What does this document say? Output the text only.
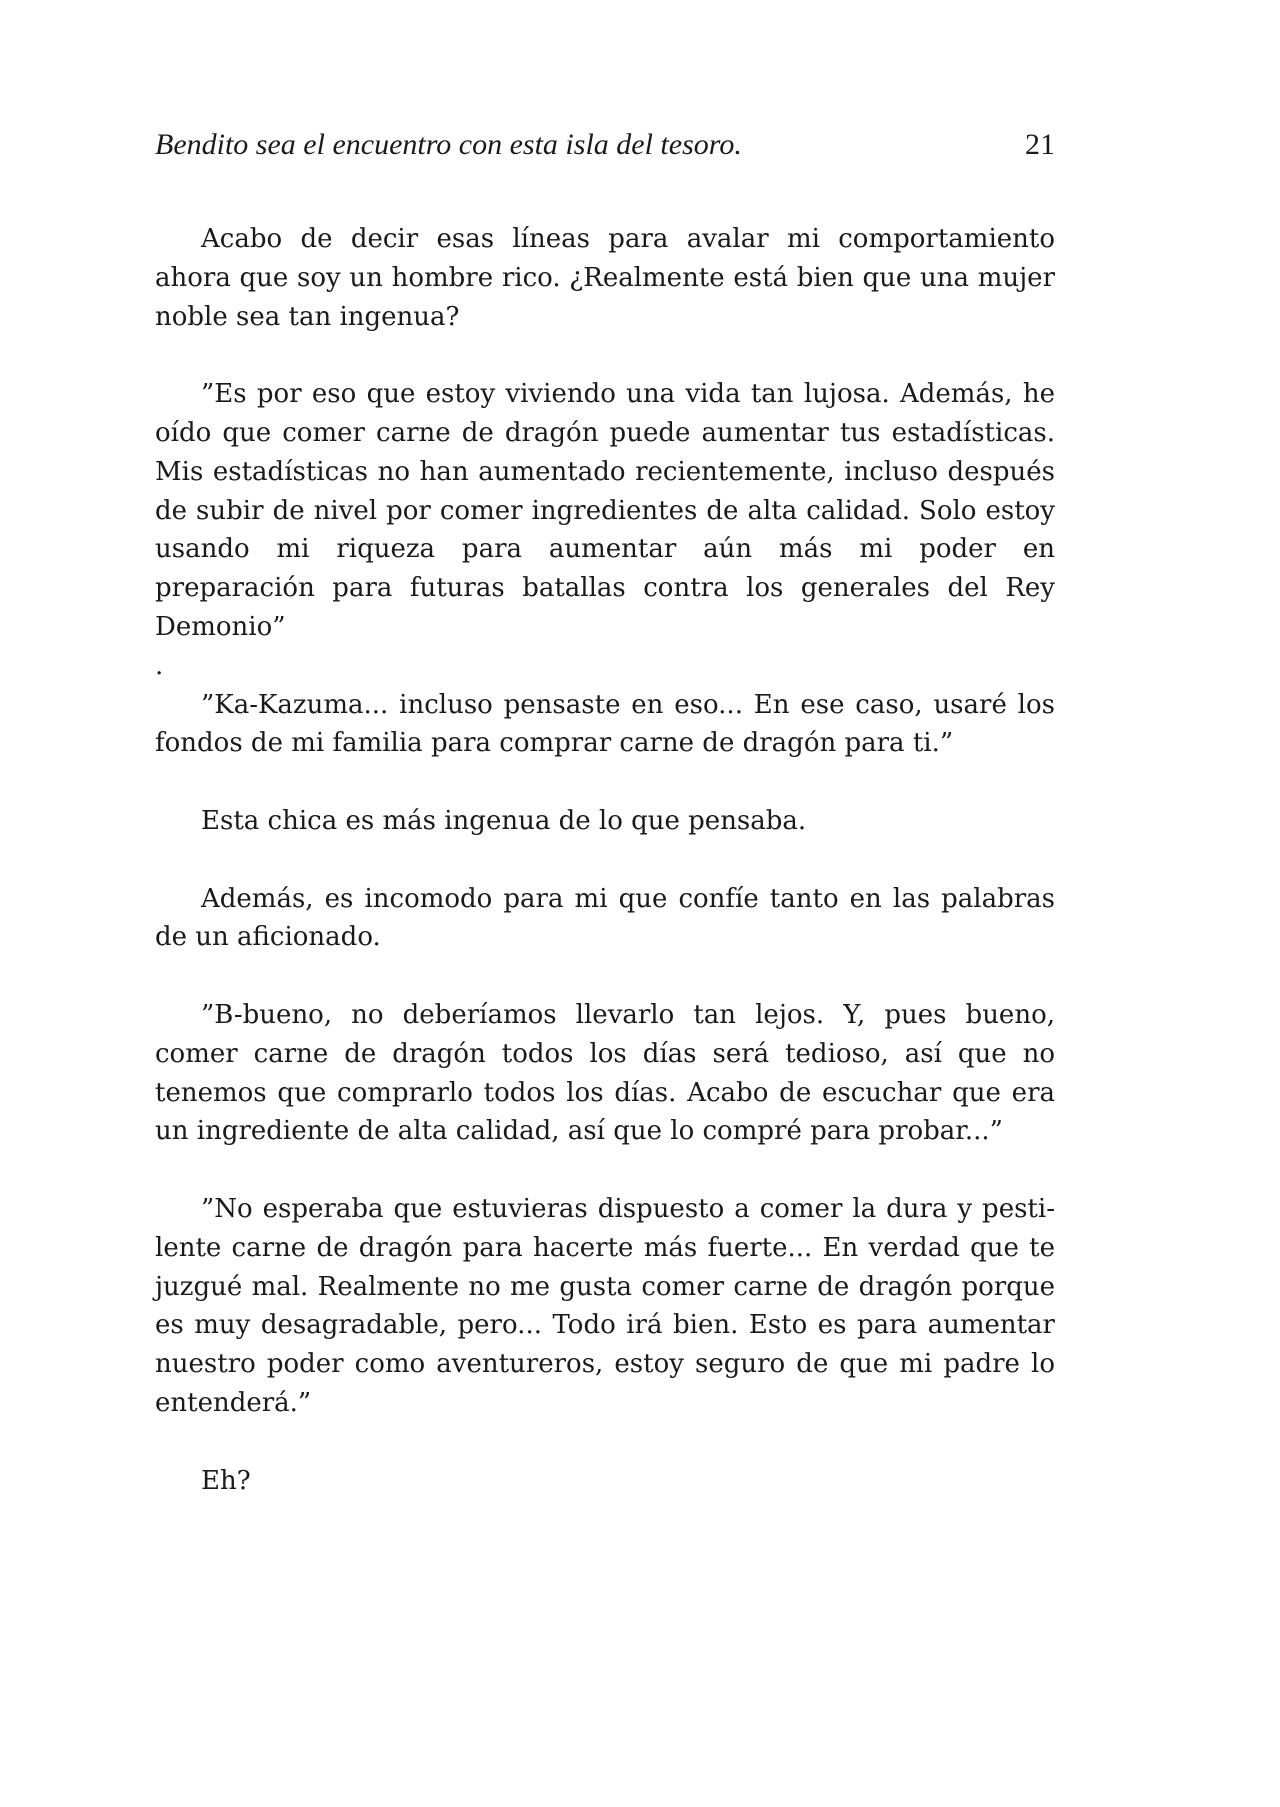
Bendito sea el encuentro con esta isla del tesoro.	21

Acabo de decir esas líneas para avalar mi comportamiento ahora que soy un hombre rico. ¿Realmente está bien que una mujer noble sea tan ingenua?

”Es por eso que estoy viviendo una vida tan lujosa. Además, he oído que comer carne de dragón puede aumentar tus estadísticas. Mis estadísticas no han aumentado recientemente, incluso después de subir de nivel por comer ingredientes de alta calidad. Solo estoy usando mi riqueza para aumentar aún más mi poder en preparación para futuras batallas contra los generales del Rey Demonio”

.

”Ka-Kazuma... incluso pensaste en eso... En ese caso, usaré los fondos de mi familia para comprar carne de dragón para ti.”

Esta chica es más ingenua de lo que pensaba.

Además, es incomodo para mi que confíe tanto en las palabras de un aficionado.

”B-bueno, no deberíamos llevarlo tan lejos. Y, pues bueno, comer carne de dragón todos los días será tedioso, así que no tenemos que comprarlo todos los días. Acabo de escuchar que era un ingrediente de alta calidad, así que lo compré para probar...”

”No esperaba que estuvieras dispuesto a comer la dura y pestilente carne de dragón para hacerte más fuerte... En verdad que te juzgué mal. Realmente no me gusta comer carne de dragón porque es muy desagradable, pero... Todo irá bien. Esto es para aumentar nuestro poder como aventureros, estoy seguro de que mi padre lo entenderá.”

Eh?
